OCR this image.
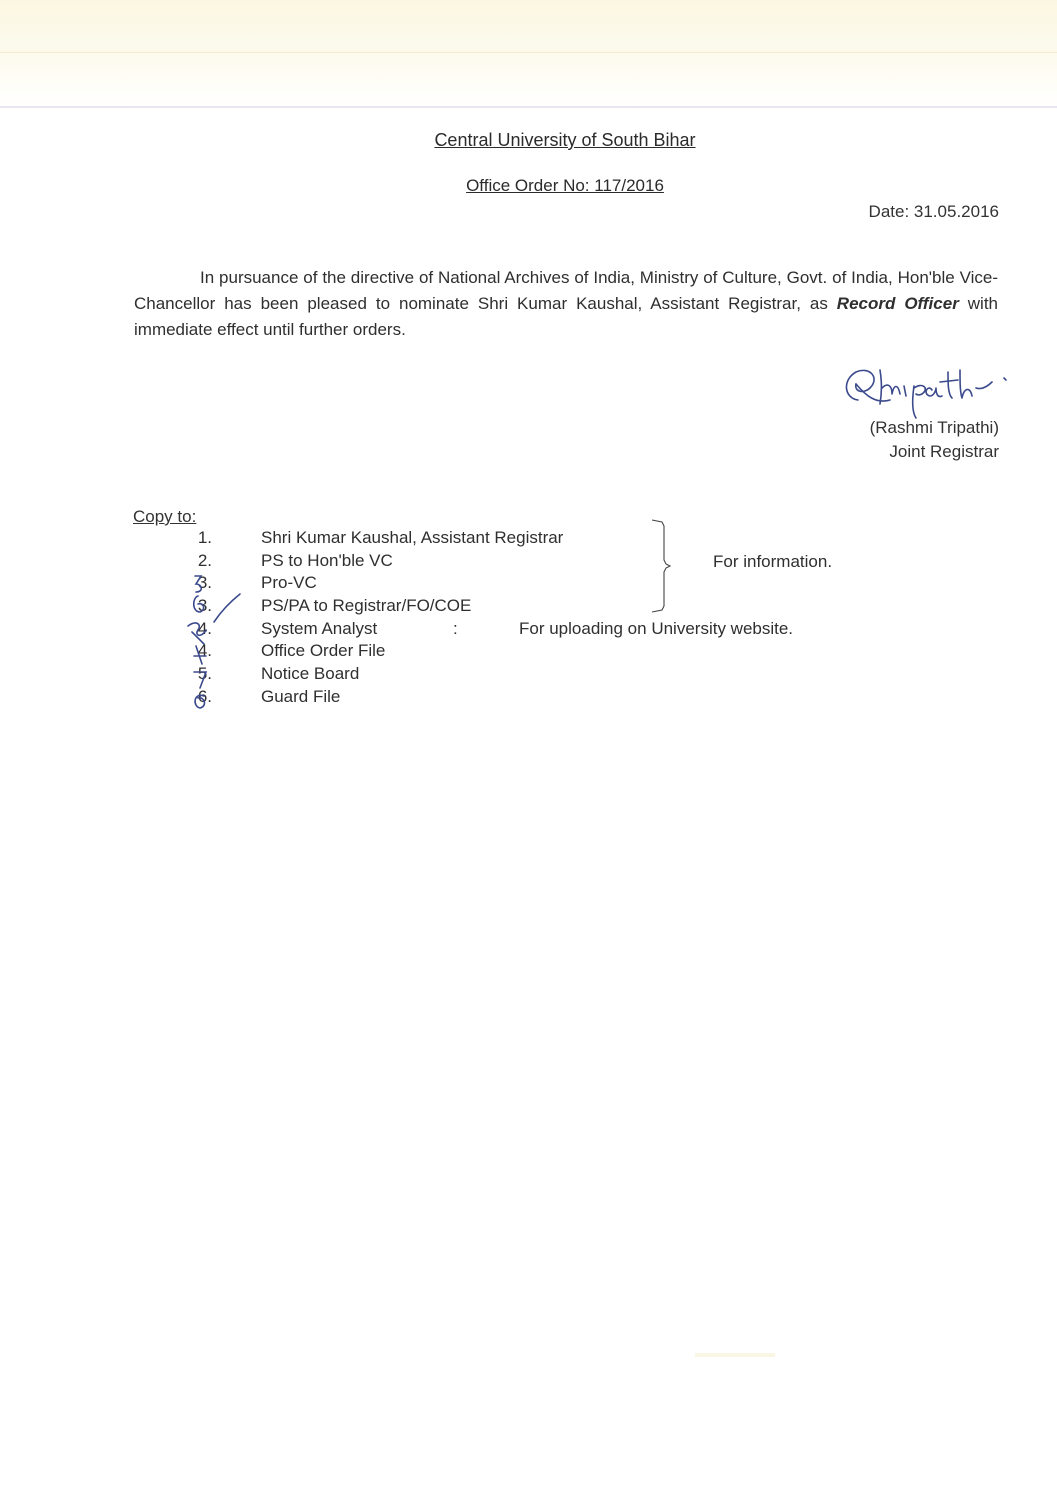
Central University of South Bihar
Office Order No: 117/2016
Date: 31.05.2016

In pursuance of the directive of National Archives of India, Ministry of Culture, Govt. of India, Hon'ble Vice-Chancellor has been pleased to nominate Shri Kumar Kaushal, Assistant Registrar, as Record Officer with immediate effect until further orders.

(Rashmi Tripathi)
Joint Registrar
Copy to:
1.	Shri Kumar Kaushal, Assistant Registrar
2.	PS to Hon'ble VC
3.	Pro-VC
3.	PS/PA to Registrar/FO/COE
4.	System Analyst	:	For uploading on University website.
4.	Office Order File
5.	Notice Board
6.	Guard File
For information.
